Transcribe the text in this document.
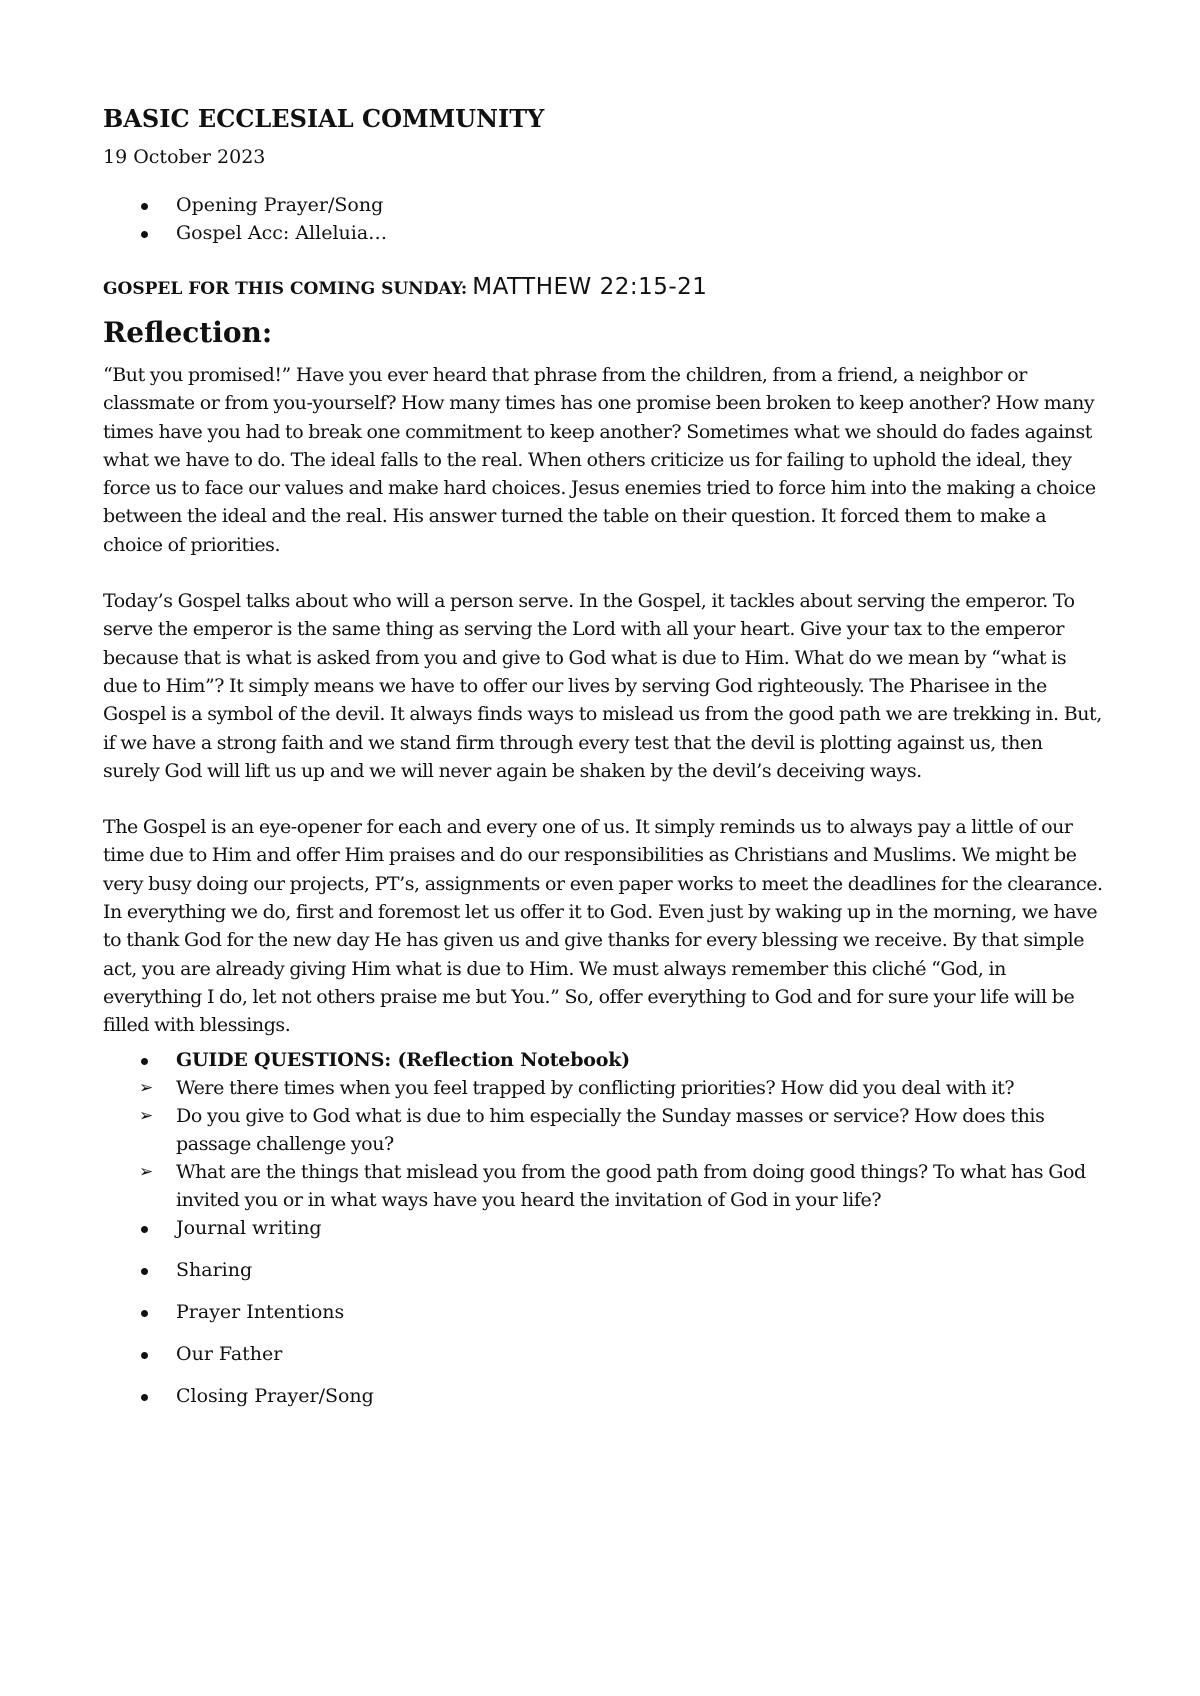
BASIC ECCLESIAL COMMUNITY

19 October 2023

Opening Prayer/Song
Gospel Acc: Alleluia…

GOSPEL FOR THIS COMING SUNDAY: MATTHEW 22:15-21

Reflection:

“But you promised!” Have you ever heard that phrase from the children, from a friend, a neighbor or classmate or from you-yourself? How many times has one promise been broken to keep another? How many times have you had to break one commitment to keep another? Sometimes what we should do fades against what we have to do. The ideal falls to the real. When others criticize us for failing to uphold the ideal, they force us to face our values and make hard choices. Jesus enemies tried to force him into the making a choice between the ideal and the real. His answer turned the table on their question. It forced them to make a choice of priorities.

Today’s Gospel talks about who will a person serve. In the Gospel, it tackles about serving the emperor. To serve the emperor is the same thing as serving the Lord with all your heart. Give your tax to the emperor because that is what is asked from you and give to God what is due to Him. What do we mean by “what is due to Him”? It simply means we have to offer our lives by serving God righteously. The Pharisee in the Gospel is a symbol of the devil. It always finds ways to mislead us from the good path we are trekking in. But, if we have a strong faith and we stand firm through every test that the devil is plotting against us, then surely God will lift us up and we will never again be shaken by the devil’s deceiving ways.

The Gospel is an eye-opener for each and every one of us. It simply reminds us to always pay a little of our time due to Him and offer Him praises and do our responsibilities as Christians and Muslims. We might be very busy doing our projects, PT’s, assignments or even paper works to meet the deadlines for the clearance. In everything we do, first and foremost let us offer it to God. Even just by waking up in the morning, we have to thank God for the new day He has given us and give thanks for every blessing we receive. By that simple act, you are already giving Him what is due to Him. We must always remember this cliché “God, in everything I do, let not others praise me but You.” So, offer everything to God and for sure your life will be filled with blessings.

GUIDE QUESTIONS: (Reflection Notebook)
➢ Were there times when you feel trapped by conflicting priorities? How did you deal with it?
➢ Do you give to God what is due to him especially the Sunday masses or service? How does this passage challenge you?
➢ What are the things that mislead you from the good path from doing good things? To what has God invited you or in what ways have you heard the invitation of God in your life?
Journal writing
Sharing
Prayer Intentions
Our Father
Closing Prayer/Song
